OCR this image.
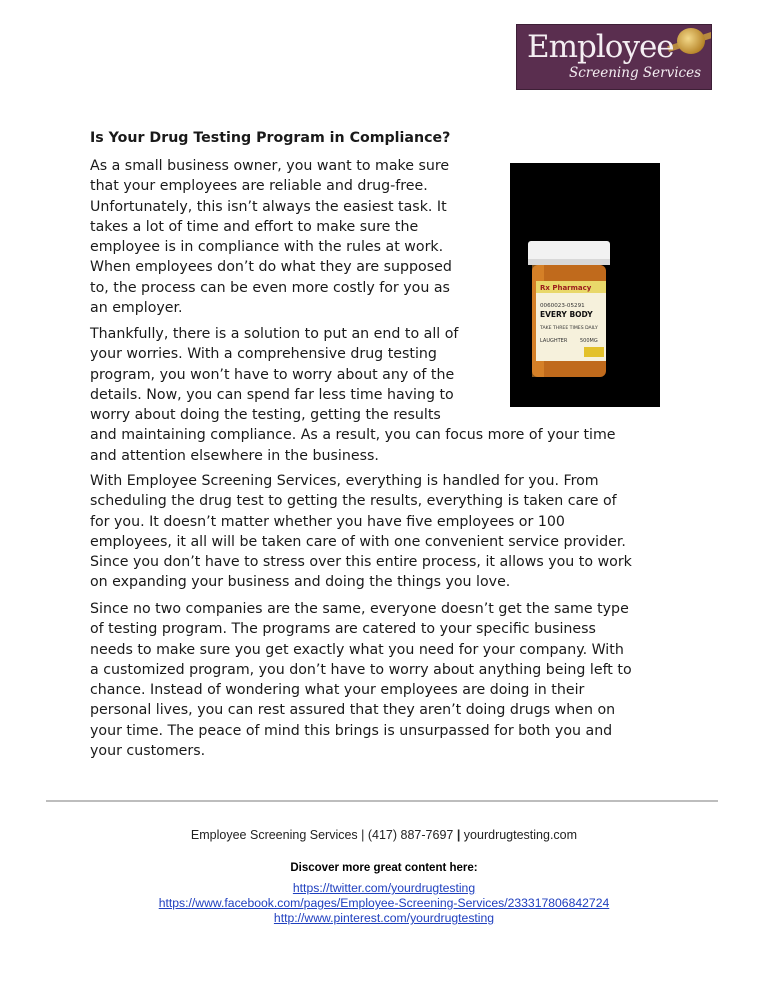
Employee
Screening Services
Is Your Drug Testing Program in Compliance?
Rx Pharmacy
0060023-05291
EVERY BODY
TAKE THREE TIMES DAILY
LAUGHTER	500MG

As a small business owner, you want to make sure
that your employees are reliable and drug-free.
Unfortunately, this isn’t always the easiest task. It
takes a lot of time and effort to make sure the
employee is in compliance with the rules at work.
When employees don’t do what they are supposed
to, the process can be even more costly for you as
an employer.

Thankfully, there is a solution to put an end to all of
your worries. With a comprehensive drug testing
program, you won’t have to worry about any of the
details. Now, you can spend far less time having to
worry about doing the testing, getting the results
and maintaining compliance. As a result, you can focus more of your time
and attention elsewhere in the business.

With Employee Screening Services, everything is handled for you. From
scheduling the drug test to getting the results, everything is taken care of
for you. It doesn’t matter whether you have five employees or 100
employees, it all will be taken care of with one convenient service provider.
Since you don’t have to stress over this entire process, it allows you to work
on expanding your business and doing the things you love.

Since no two companies are the same, everyone doesn’t get the same type
of testing program. The programs are catered to your specific business
needs to make sure you get exactly what you need for your company. With
a customized program, you don’t have to worry about anything being left to
chance. Instead of wondering what your employees are doing in their
personal lives, you can rest assured that they aren’t doing drugs when on
your time. The peace of mind this brings is unsurpassed for both you and
your customers.

Employee Screening Services | (417) 887-7697 | yourdrugtesting.com
Discover more great content here:
https://twitter.com/yourdrugtesting
https://www.facebook.com/pages/Employee-Screening-Services/233317806842724
http://www.pinterest.com/yourdrugtesting
